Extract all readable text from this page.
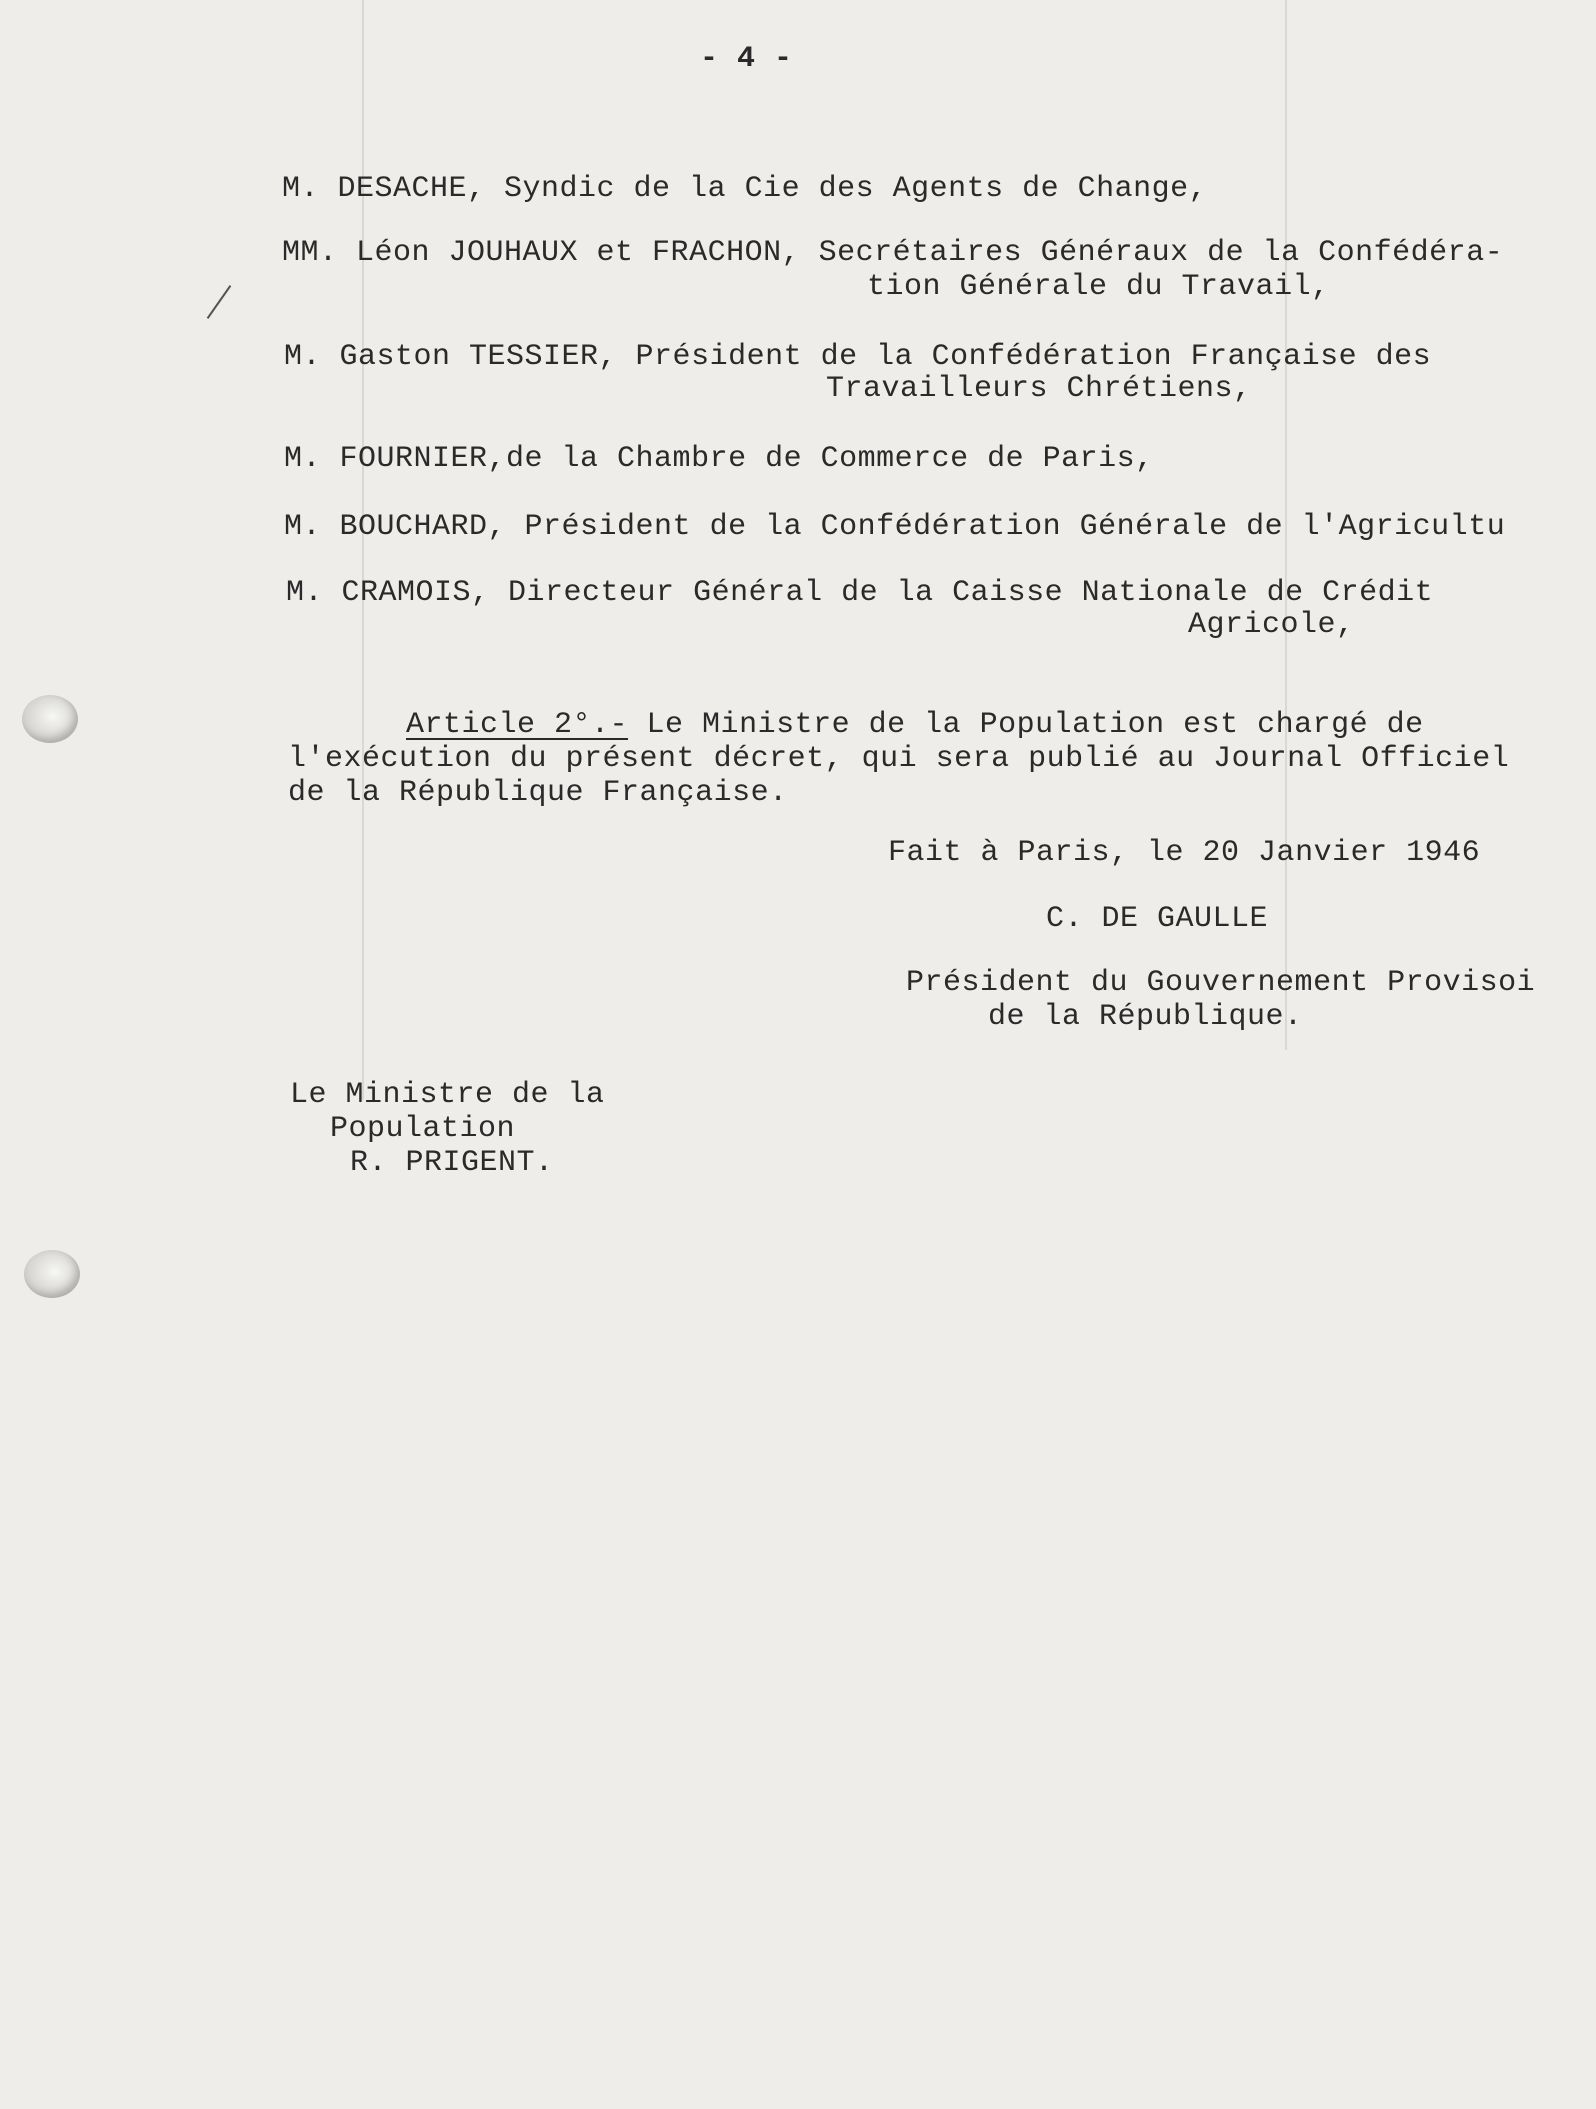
- 4 -
M. DESACHE, Syndic de la Cie des Agents de Change,
MM. Léon JOUHAUX et FRACHON, Secrétaires Généraux de la Confédéra-
tion Générale du Travail,
M. Gaston TESSIER, Président de la Confédération Française des
Travailleurs Chrétiens,
M. FOURNIER,de la Chambre de Commerce de Paris,
M. BOUCHARD, Président de la Confédération Générale de l'Agricultu
M. CRAMOIS, Directeur Général de la Caisse Nationale de Crédit
Agricole,
Article 2°.- Le Ministre de la Population est chargé de
l'exécution du présent décret, qui sera publié au Journal Officiel
de la République Française.
Fait à Paris, le 20 Janvier 1946
C. DE GAULLE
Président du Gouvernement Provisoi
de la République.
Le Ministre de la
Population
R. PRIGENT.
